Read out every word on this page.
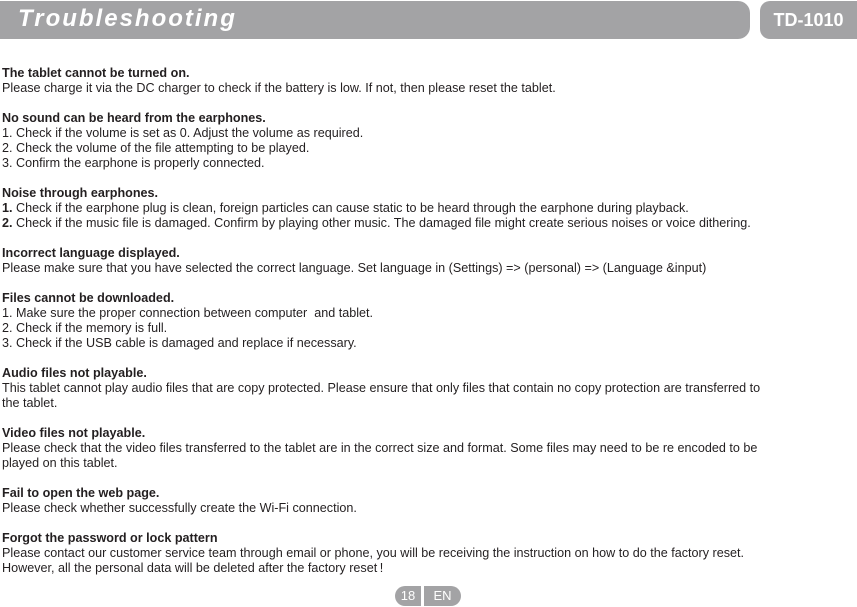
Troubleshooting	TD-1010
The tablet cannot be turned on.
Please charge it via the DC charger to check if the battery is low. If not, then please reset the tablet.
No sound can be heard from the earphones.
1. Check if the volume is set as 0. Adjust the volume as required.
2. Check the volume of the file attempting to be played.
3. Confirm the earphone is properly connected.
Noise through earphones.
1. Check if the earphone plug is clean, foreign particles can cause static to be heard through the earphone during playback.
2. Check if the music file is damaged. Confirm by playing other music. The damaged file might create serious noises or voice dithering.
Incorrect language displayed.
Please make sure that you have selected the correct language. Set language in (Settings) => (personal) => (Language &input)
Files cannot be downloaded.
1. Make sure the proper connection between computer  and tablet.
2. Check if the memory is full.
3. Check if the USB cable is damaged and replace if necessary.
Audio files not playable.
This tablet cannot play audio files that are copy protected. Please ensure that only files that contain no copy protection are transferred to
the tablet.
Video files not playable.
Please check that the video files transferred to the tablet are in the correct size and format. Some files may need to be re encoded to be
played on this tablet.
Fail to open the web page.
Please check whether successfully create the Wi-Fi connection.
Forgot the password or lock pattern
Please contact our customer service team through email or phone, you will be receiving the instruction on how to do the factory reset.
However, all the personal data will be deleted after the factory reset !
18	EN
